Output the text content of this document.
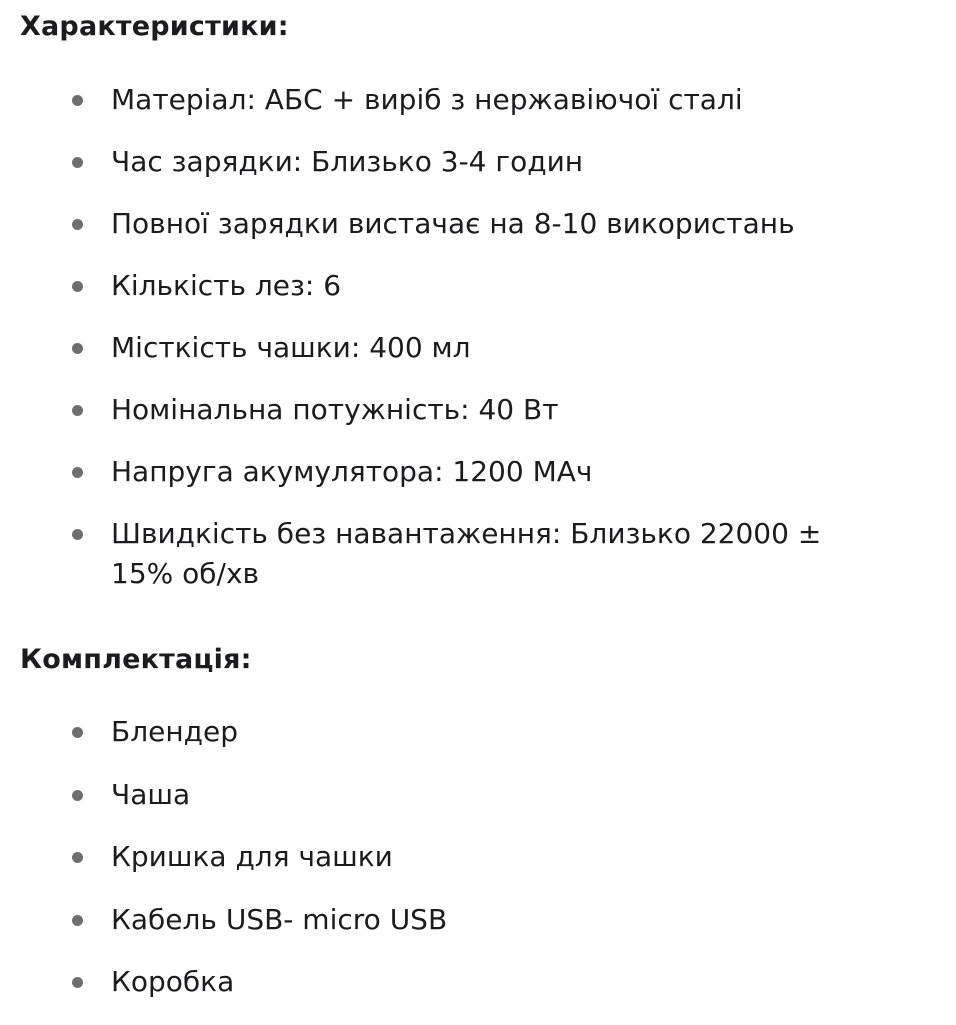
Характеристики:
Матеріал: АБС + виріб з нержавіючої сталі
Час зарядки: Близько 3-4 годин
Повної зарядки вистачає на 8-10 використань
Кількість лез: 6
Місткість чашки: 400 мл
Номінальна потужність: 40 Вт
Напруга акумулятора: 1200 МАч
Швидкість без навантаження: Близько 22000 ± 15% об/хв
Комплектація:
Блендер
Чаша
Кришка для чашки
Кабель USB- micro USB
Коробка
